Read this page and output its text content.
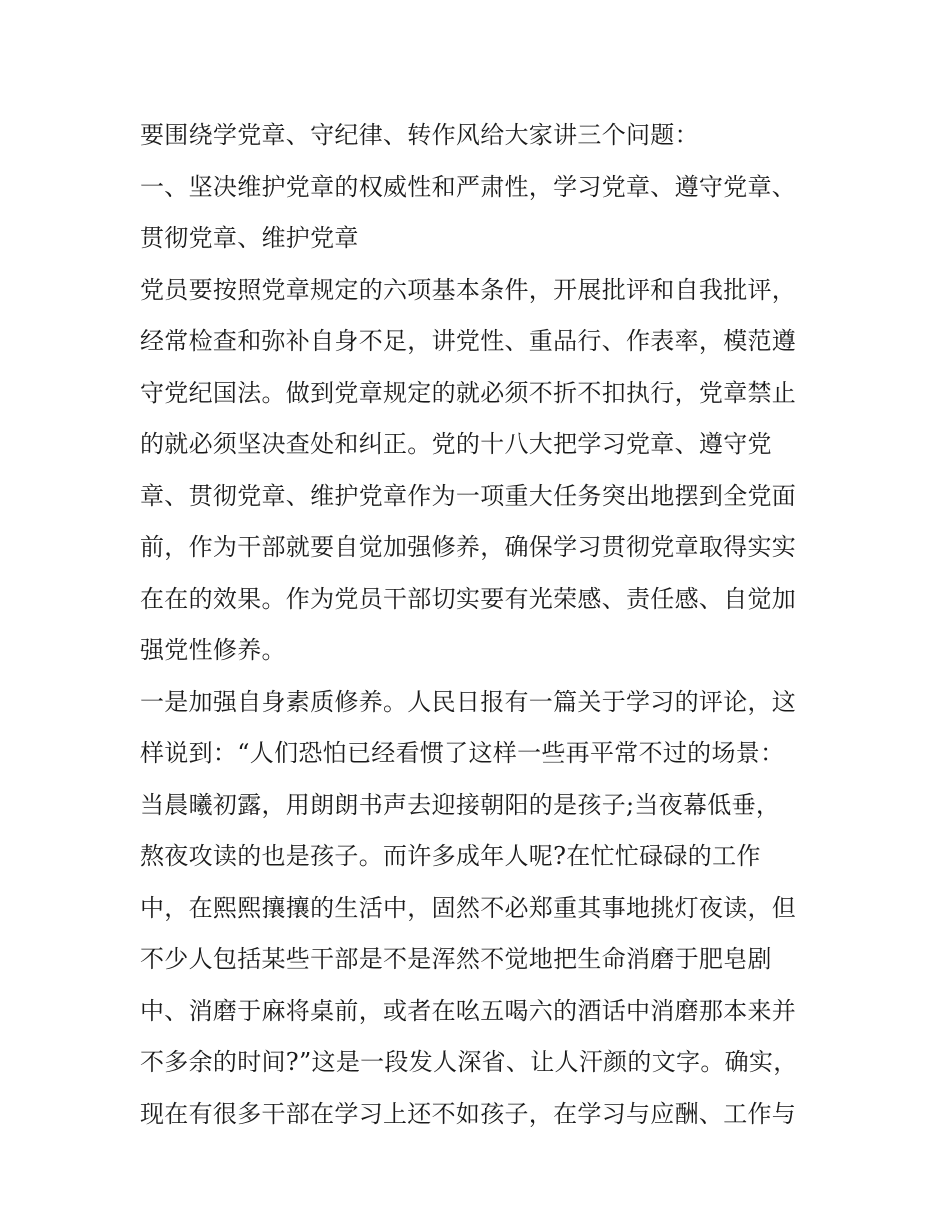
要围绕学党章、守纪律、转作风给大家讲三个问题：
一、坚决维护党章的权威性和严肃性，学习党章、遵守党章、
贯彻党章、维护党章
党员要按照党章规定的六项基本条件，开展批评和自我批评，
经常检查和弥补自身不足，讲党性、重品行、作表率，模范遵
守党纪国法。做到党章规定的就必须不折不扣执行，党章禁止
的就必须坚决查处和纠正。党的十八大把学习党章、遵守党
章、贯彻党章、维护党章作为一项重大任务突出地摆到全党面
前，作为干部就要自觉加强修养，确保学习贯彻党章取得实实
在在的效果。作为党员干部切实要有光荣感、责任感、自觉加
强党性修养。
一是加强自身素质修养。人民日报有一篇关于学习的评论，这
样说到：“人们恐怕已经看惯了这样一些再平常不过的场景：
当晨曦初露，用朗朗书声去迎接朝阳的是孩子;当夜幕低垂，
熬夜攻读的也是孩子。而许多成年人呢?在忙忙碌碌的工作
中，在熙熙攘攘的生活中，固然不必郑重其事地挑灯夜读，但
不少人包括某些干部是不是浑然不觉地把生命消磨于肥皂剧
中、消磨于麻将桌前，或者在吆五喝六的酒话中消磨那本来并
不多余的时间?”这是一段发人深省、让人汗颜的文字。确实，
现在有很多干部在学习上还不如孩子，在学习与应酬、工作与
